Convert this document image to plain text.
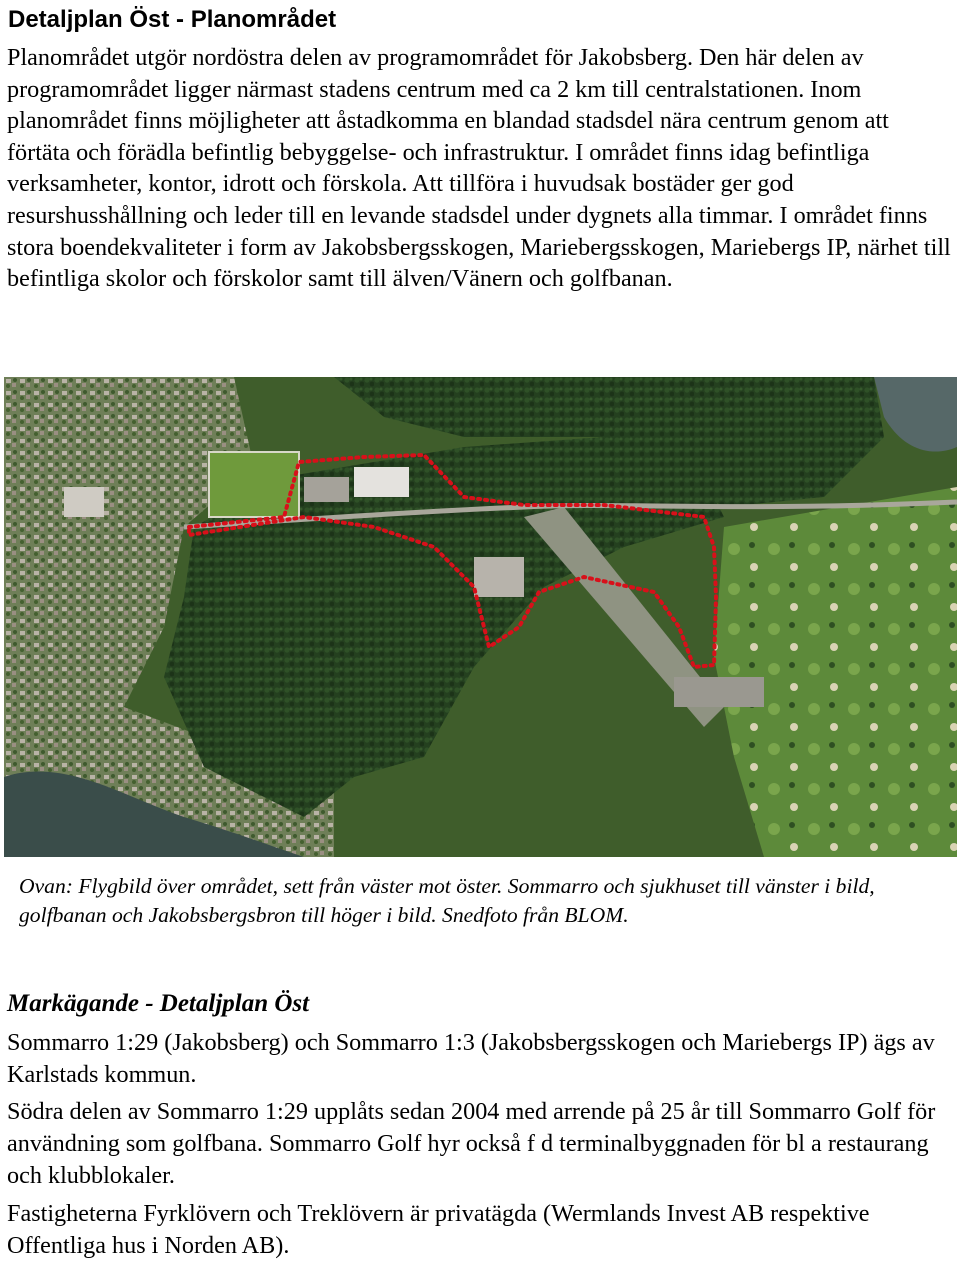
Detaljplan Öst - Planområdet

Planområdet utgör nordöstra delen av programområdet för Jakobsberg. Den här delen av programområdet ligger närmast stadens centrum med ca 2 km till centralstationen. Inom planområdet finns möjligheter att åstadkomma en blandad stadsdel nära centrum genom att förtäta och förädla befintlig bebyggelse- och infrastruktur. I området finns idag befintliga verksamheter, kontor, idrott och förskola. Att tillföra i huvudsak bostäder ger god resurshusshållning och leder till en levande stadsdel under dygnets alla timmar. I området finns stora boendekvaliteter i form av Jakobsbergsskogen, Mariebergsskogen, Mariebergs IP, närhet till befintliga skolor och förskolor samt till älven/Vänern och golfbanan.

Ovan: Flygbild över området, sett från väster mot öster. Sommarro och sjukhuset till vänster i bild, golfbanan och Jakobsbergsbron till höger i bild. Snedfoto från BLOM.

Markägande - Detaljplan Öst

Sommarro 1:29 (Jakobsberg) och Sommarro 1:3 (Jakobsbergsskogen och Mariebergs IP) ägs av Karlstads kommun.

Södra delen av Sommarro 1:29 upplåts sedan 2004 med arrende på 25 år till Sommarro Golf för användning som golfbana. Sommarro Golf hyr också f d terminalbyggnaden för bl a restaurang och klubblokaler.

Fastigheterna Fyrklövern och Treklövern är privatägda (Wermlands Invest AB respektive Offentliga hus i Norden AB).
